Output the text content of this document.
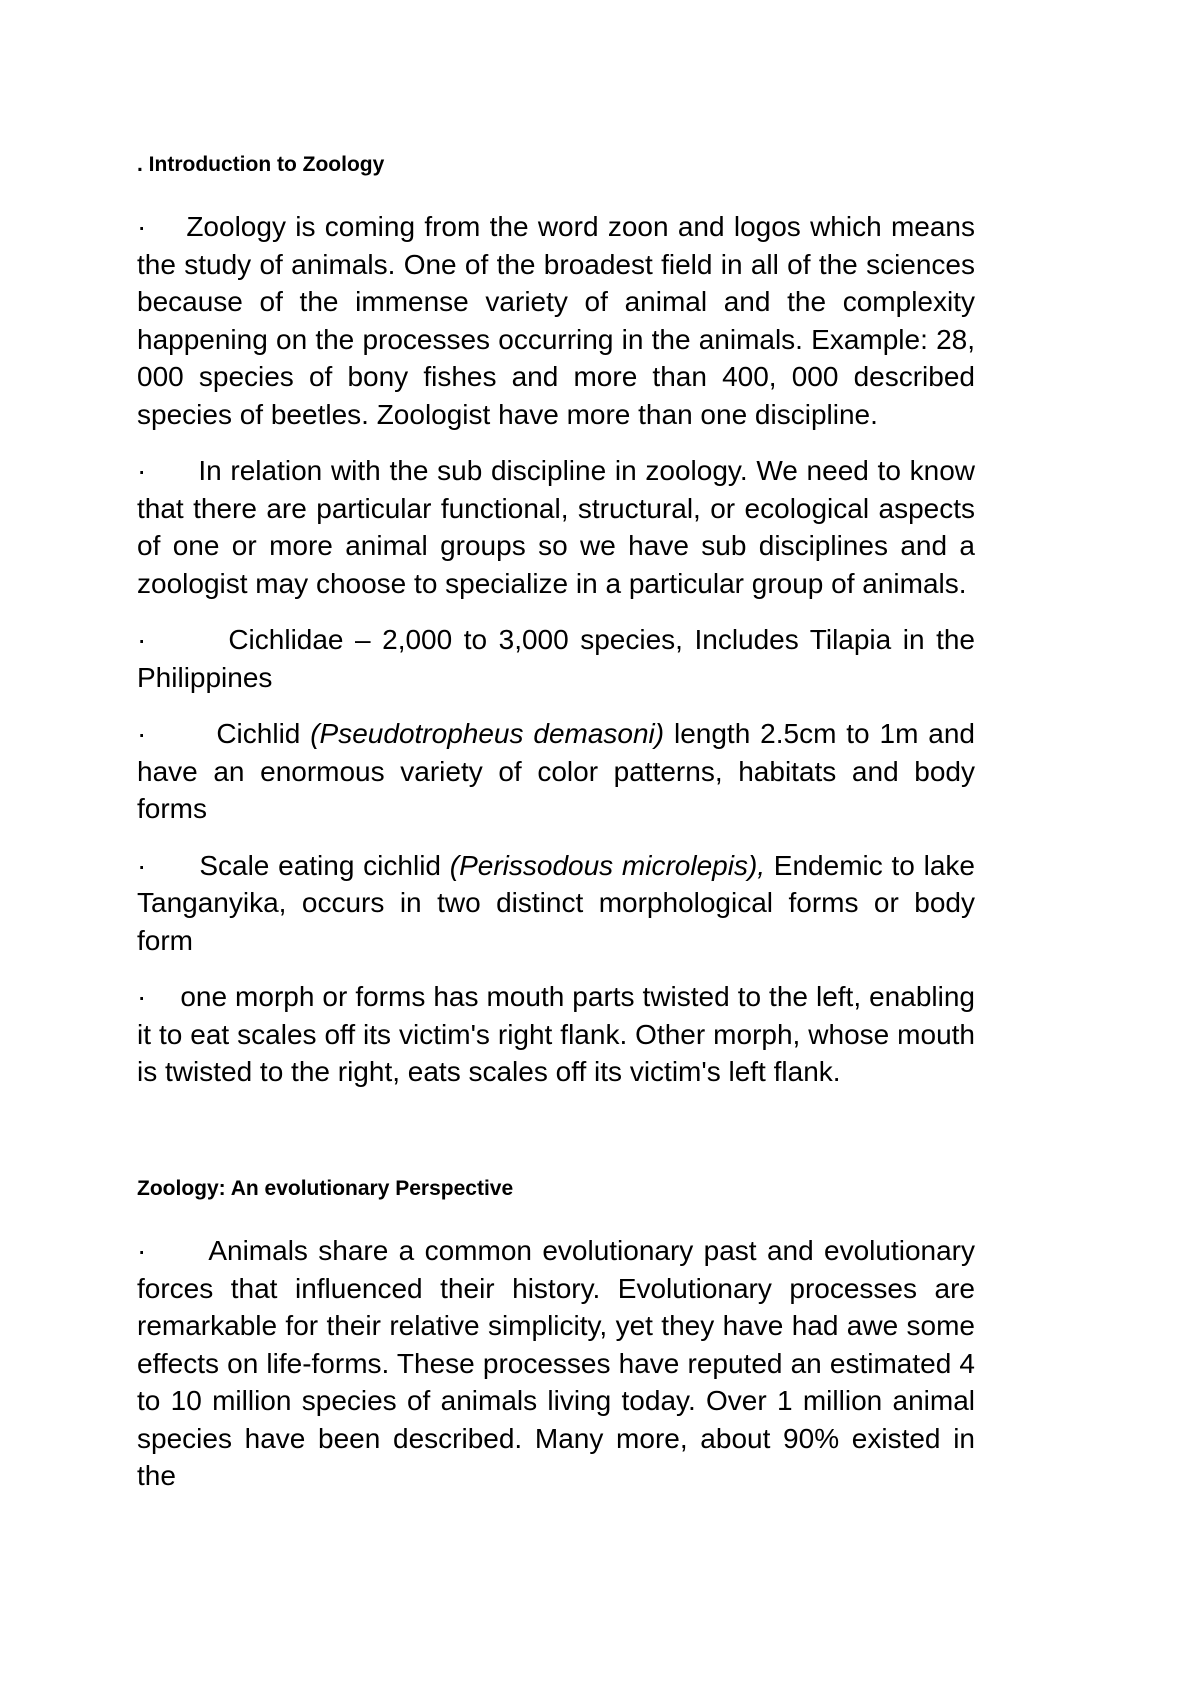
. Introduction to Zoology

· Zoology is coming from the word zoon and logos which means the study of animals. One of the broadest field in all of the sciences because of the immense variety of animal and the complexity happening on the processes occurring in the animals. Example: 28, 000 species of bony fishes and more than 400, 000 described species of beetles. Zoologist have more than one discipline.

· In relation with the sub discipline in zoology. We need to know that there are particular functional, structural, or ecological aspects of one or more animal groups so we have sub disciplines and a zoologist may choose to specialize in a particular group of animals.

·	Cichlidae – 2,000 to 3,000 species, Includes Tilapia in the Philippines

·	Cichlid (Pseudotropheus demasoni) length 2.5cm to 1m and have an enormous variety of color patterns, habitats and body forms

· Scale eating cichlid (Perissodous microlepis), Endemic to lake Tanganyika, occurs in two distinct morphological forms or body form

· one morph or forms has mouth parts twisted to the left, enabling it to eat scales off its victim's right flank. Other morph, whose mouth is twisted to the right, eats scales off its victim's left flank.

Zoology: An evolutionary Perspective

· Animals share a common evolutionary past and evolutionary forces that influenced their history. Evolutionary processes are remarkable for their relative simplicity, yet they have had awe some effects on life-forms. These processes have reputed an estimated 4 to 10 million species of animals living today. Over 1 million animal species have been described. Many more, about 90% existed in the
